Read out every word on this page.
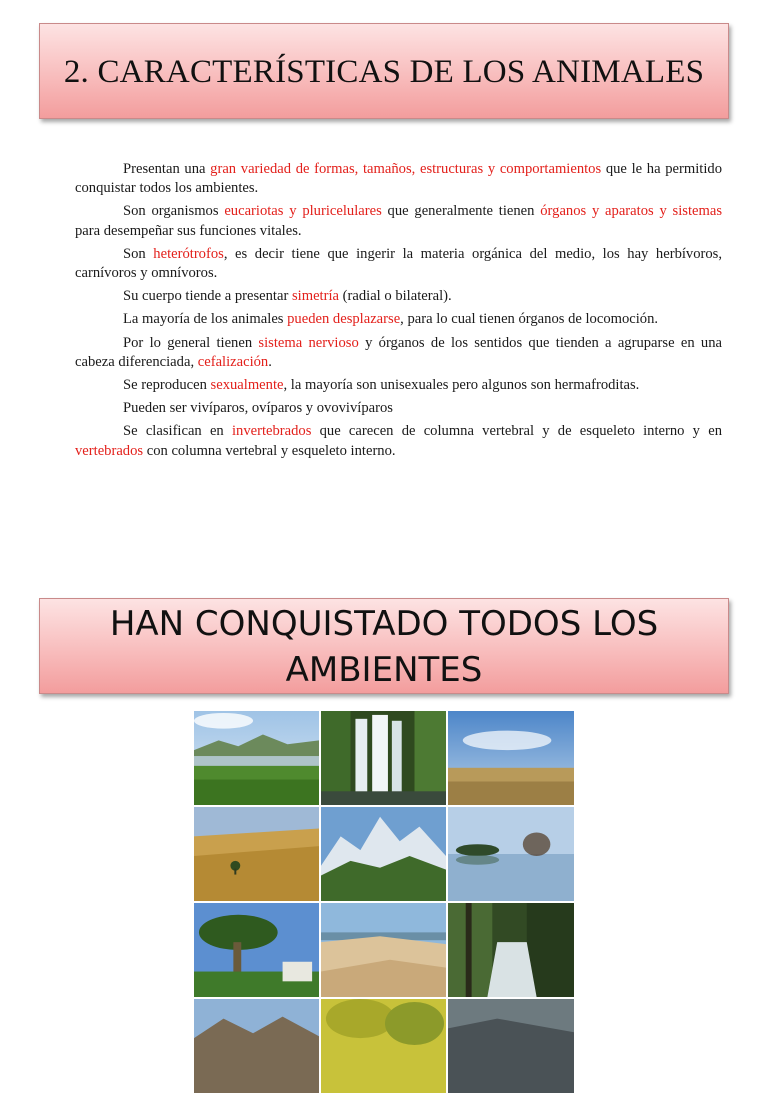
2. CARACTERÍSTICAS DE LOS ANIMALES

Presentan una gran variedad de formas, tamaños, estructuras y comportamientos que le ha permitido conquistar todos los ambientes.

Son organismos eucariotas y pluricelulares que generalmente tienen órganos y aparatos y sistemas para desempeñar sus funciones vitales.

Son heterótrofos, es decir tiene que ingerir la materia orgánica del medio, los hay herbívoros, carnívoros y omnívoros.

Su cuerpo tiende a presentar simetría (radial o bilateral).

La mayoría de los animales pueden desplazarse, para lo cual tienen órganos de locomoción.

Por lo general tienen sistema nervioso y órganos de los sentidos que tienden a agruparse en una cabeza diferenciada, cefalización.

Se reproducen sexualmente, la mayoría son unisexuales pero algunos son hermafroditas.

Pueden ser vivíparos, ovíparos y ovovivíparos

Se clasifican en invertebrados que carecen de columna vertebral y de esqueleto interno y en vertebrados con columna vertebral y esqueleto interno.

HAN CONQUISTADO TODOS LOS
AMBIENTES
